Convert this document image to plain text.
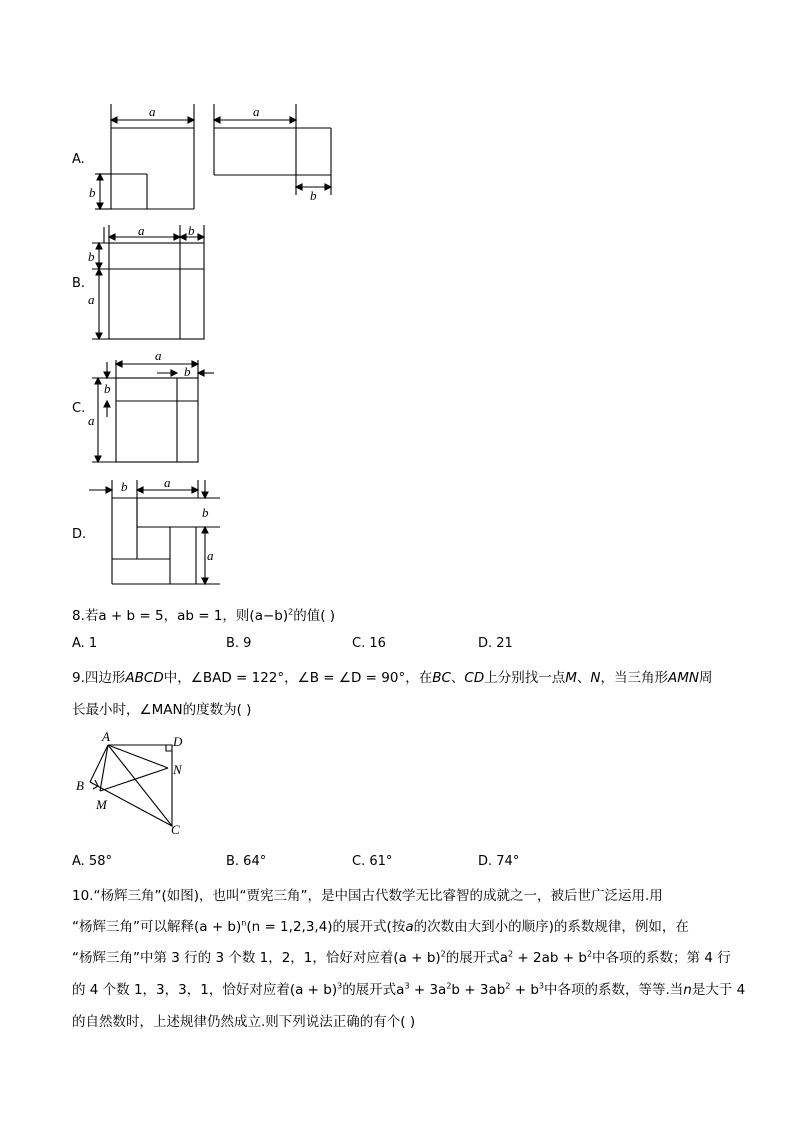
A.
a
b
a
b
B.
a	b
b
a
C.
a
b
b
a
D.
b	a
b
a
8.若a + b = 5，ab = 1，则$(a-b)^2$的值( )
A. 1	B. 9	C. 16	D. 21
9.四边形ABCD中，∠BAD = 122°，∠B = ∠D = 90°，在BC、CD上分别找一点M、N，当三角形AMN周
长最小时，∠MAN的度数为( )
A	D
N
B
M
C
A. 58°	B. 64°	C. 61°	D. 74°
10.“杨辉三角”(如图)，也叫“贾宪三角”，是中国古代数学无比睿智的成就之一，被后世广泛运用.用
“杨辉三角”可以解释$(a + b)^n(n = 1,2,3,4)$的展开式(按a的次数由大到小的顺序)的系数规律，例如，在
“杨辉三角”中第 3 行的 3 个数 1，2，1，恰好对应着$(a + b)^2$的展开式$a^2 + 2ab + b^2$中各项的系数；第 4 行
的 4 个数 1，3，3，1，恰好对应着$(a + b)^3$的展开式$a^3 + 3a^2b + 3ab^2 + b^3$中各项的系数，等等.当n是大于 4
的自然数时，上述规律仍然成立.则下列说法正确的有个( )
